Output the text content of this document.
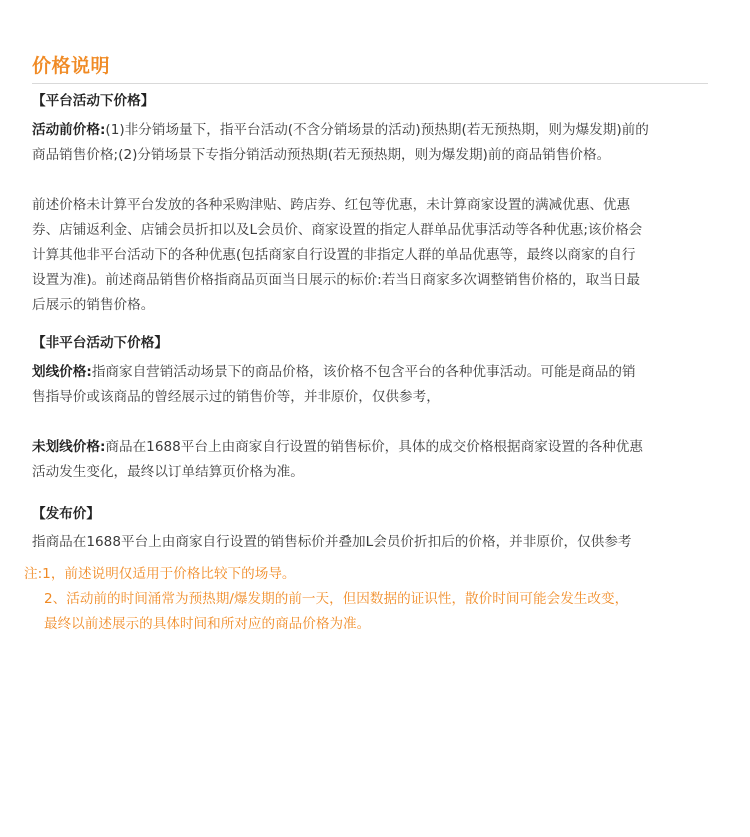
价格说明
【平台活动下价格】
活动前价格:(1)非分销场量下，指平台活动(不含分销场景的活动)预热期(若无预热期，则为爆发期)前的
商品销售价格;(2)分销场景下专指分销活动预热期(若无预热期，则为爆发期)前的商品销售价格。
前述价格未计算平台发放的各种采购津贴、跨店券、红包等优惠，未计算商家设置的满减优惠、优惠
券、店铺返利金、店铺会员折扣以及L会员价、商家设置的指定人群单品优事活动等各种优惠;该价格会
计算其他非平台活动下的各种优惠(包括商家自行设置的非指定人群的单品优惠等，最终以商家的自行
设置为准)。前述商品销售价格指商品页面当日展示的标价:若当日商家多次调整销售价格的，取当日最
后展示的销售价格。
【非平台活动下价格】
划线价格:指商家自营销活动场景下的商品价格，该价格不包含平台的各种优事活动。可能是商品的销
售指导价或该商品的曾经展示过的销售价等，并非原价，仅供参考，
未划线价格:商品在1688平台上由商家自行设置的销售标价，具体的成交价格根据商家设置的各种优惠
活动发生变化，最终以订单结算页价格为准。
【发布价】
指商品在1688平台上由商家自行设置的销售标价并叠加L会员价折扣后的价格，并非原价，仅供参考
注:1，前述说明仅适用于价格比较下的场导。
2、活动前的时间涌常为预热期/爆发期的前一天，但因数据的证识性，散价时间可能会发生改变，
最终以前述展示的具体时间和所对应的商品价格为准。
